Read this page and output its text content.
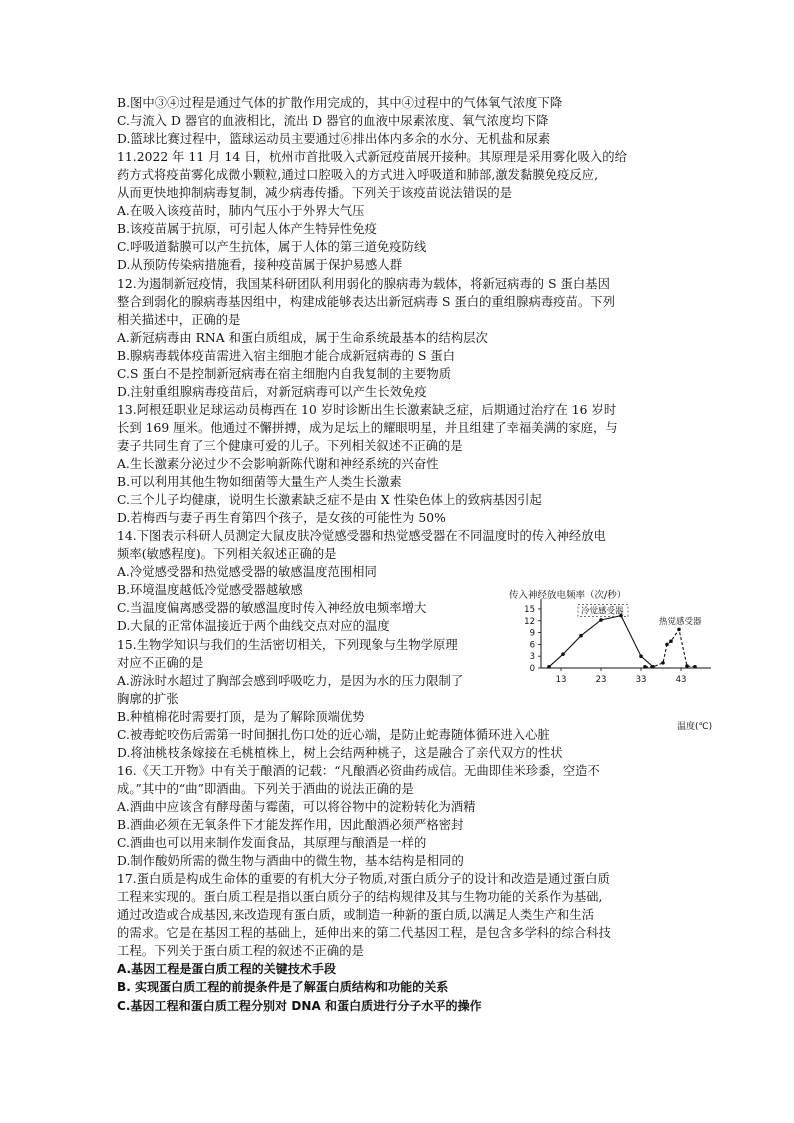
B.图中③④过程是通过气体的扩散作用完成的，其中④过程中的气体氧气浓度下降
C.与流入 D 器官的血液相比，流出 D 器官的血液中尿素浓度、氧气浓度均下降
D.篮球比赛过程中，篮球运动员主要通过⑥排出体内多余的水分、无机盐和尿素
11.2022 年 11 月 14 日，杭州市首批吸入式新冠疫苗展开接种。其原理是采用雾化吸入的给
药方式将疫苗雾化成微小颗粒,通过口腔吸入的方式进入呼吸道和肺部,激发黏膜免疫反应,
从而更快地抑制病毒复制，减少病毒传播。下列关于该疫苗说法错误的是
A.在吸入该疫苗时，肺内气压小于外界大气压
B.该疫苗属于抗原，可引起人体产生特异性免疫
C.呼吸道黏膜可以产生抗体，属于人体的第三道免疫防线
D.从预防传染病措施看，接种疫苗属于保护易感人群
12.为遏制新冠疫情，我国某科研团队利用弱化的腺病毒为载体，将新冠病毒的 S 蛋白基因
整合到弱化的腺病毒基因组中，构建成能够表达出新冠病毒 S 蛋白的重组腺病毒疫苗。下列
相关描述中，正确的是
A.新冠病毒由 RNA 和蛋白质组成，属于生命系统最基本的结构层次
B.腺病毒载体疫苗需进入宿主细胞才能合成新冠病毒的 S 蛋白
C.S 蛋白不是控制新冠病毒在宿主细胞内自我复制的主要物质
D.注射重组腺病毒疫苗后，对新冠病毒可以产生长效免疫
13.阿根廷职业足球运动员梅西在 10 岁时诊断出生长激素缺乏症，后期通过治疗在 16 岁时
长到 169 厘米。他通过不懈拼搏，成为足坛上的耀眼明星，并且组建了幸福美满的家庭，与
妻子共同生育了三个健康可爱的儿子。下列相关叙述不正确的是
A.生长激素分泌过少不会影响新陈代谢和神经系统的兴奋性
B.可以利用其他生物如细菌等大量生产人类生长激素
C.三个儿子均健康，说明生长激素缺乏症不是由 X 性染色体上的致病基因引起
D.若梅西与妻子再生育第四个孩子，是女孩的可能性为 50%
14.下图表示科研人员测定大鼠皮肤冷觉感受器和热觉感受器在不同温度时的传入神经放电
频率(敏感程度)。下列相关叙述正确的是
A.冷觉感受器和热觉感受器的敏感温度范围相同
B.环境温度越低冷觉感受器越敏感
C.当温度偏离感受器的敏感温度时传入神经放电频率增大
D.大鼠的正常体温接近于两个曲线交点对应的温度
15.生物学知识与我们的生活密切相关，下列现象与生物学原理
对应不正确的是
A.游泳时水超过了胸部会感到呼吸吃力，是因为水的压力限制了
胸廓的扩张
B.种植棉花时需要打顶，是为了解除顶端优势
C.被毒蛇咬伤后需第一时间捆扎伤口处的近心端，是防止蛇毒随体循环进入心脏
D.将油桃枝条嫁接在毛桃植株上，树上会结两种桃子，这是融合了亲代双方的性状
16.《天工开物》中有关于酿酒的记载：“凡酿酒必资曲药成信。无曲即佳米珍黍，空造不
成。”其中的“曲”即酒曲。下列关于酒曲的说法正确的是
A.酒曲中应该含有酵母菌与霉菌，可以将谷物中的淀粉转化为酒精
B.酒曲必须在无氧条件下才能发挥作用，因此酿酒必须严格密封
C.酒曲也可以用来制作发面食品，其原理与酿酒是一样的
D.制作酸奶所需的微生物与酒曲中的微生物，基本结构是相同的
17.蛋白质是构成生命体的重要的有机大分子物质,对蛋白质分子的设计和改造是通过蛋白质
工程来实现的。蛋白质工程是指以蛋白质分子的结构规律及其与生物功能的关系作为基础,
通过改造或合成基因,来改造现有蛋白质，或制造一种新的蛋白质,以满足人类生产和生活
的需求。它是在基因工程的基础上，延伸出来的第二代基因工程，是包含多学科的综合科技
工程。下列关于蛋白质工程的叙述不正确的是
A.基因工程是蛋白质工程的关键技术手段
B. 实现蛋白质工程的前提条件是了解蛋白质结构和功能的关系
C.基因工程和蛋白质工程分别对 DNA 和蛋白质进行分子水平的操作
传入神经放电频率（次/秒）
0
3
6
9
12
15
13	23	33	43
冷觉感受器
热觉感受器
温度(℃)
